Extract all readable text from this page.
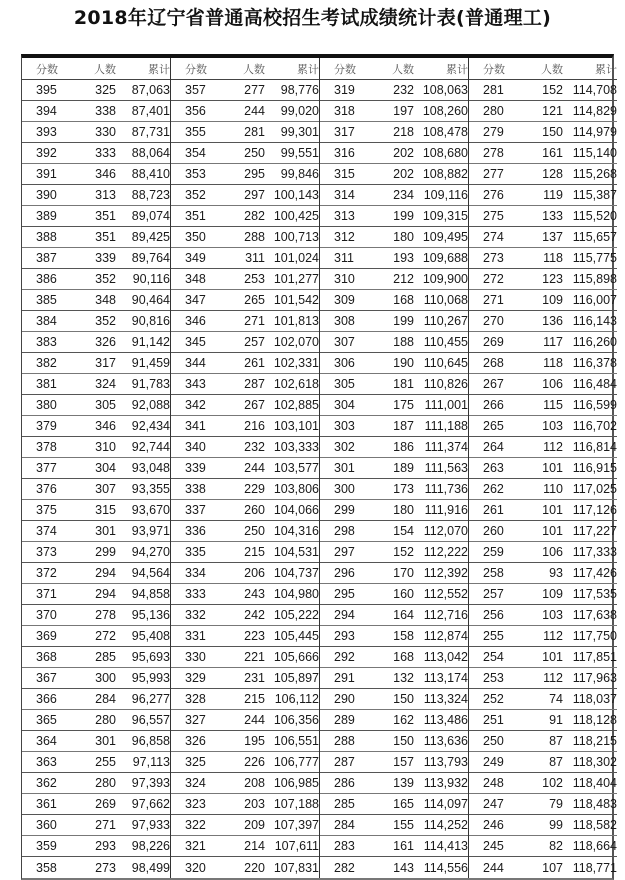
2018年辽宁省普通高校招生考试成绩统计表(普通理工)
分数	人数	累计
395	325	87,063
394	338	87,401
393	330	87,731
392	333	88,064
391	346	88,410
390	313	88,723
389	351	89,074
388	351	89,425
387	339	89,764
386	352	90,116
385	348	90,464
384	352	90,816
383	326	91,142
382	317	91,459
381	324	91,783
380	305	92,088
379	346	92,434
378	310	92,744
377	304	93,048
376	307	93,355
375	315	93,670
374	301	93,971
373	299	94,270
372	294	94,564
371	294	94,858
370	278	95,136
369	272	95,408
368	285	95,693
367	300	95,993
366	284	96,277
365	280	96,557
364	301	96,858
363	255	97,113
362	280	97,393
361	269	97,662
360	271	97,933
359	293	98,226
358	273	98,499
分数	人数	累计
357	277	98,776
356	244	99,020
355	281	99,301
354	250	99,551
353	295	99,846
352	297 100,143
351	282 100,425
350	288 100,713
349	311 101,024
348	253 101,277
347	265 101,542
346	271 101,813
345	257 102,070
344	261 102,331
343	287 102,618
342	267 102,885
341	216 103,101
340	232 103,333
339	244 103,577
338	229 103,806
337	260 104,066
336	250 104,316
335	215 104,531
334	206 104,737
333	243 104,980
332	242 105,222
331	223 105,445
330	221 105,666
329	231 105,897
328	215 106,112
327	244 106,356
326	195 106,551
325	226 106,777
324	208 106,985
323	203 107,188
322	209 107,397
321	214 107,611
320	220 107,831
分数	人数	累计
319	232 108,063
318	197 108,260
317	218 108,478
316	202 108,680
315	202 108,882
314	234 109,116
313	199 109,315
312	180 109,495
311	193 109,688
310	212 109,900
309	168 110,068
308	199 110,267
307	188 110,455
306	190 110,645
305	181 110,826
304	175 111,001
303	187 111,188
302	186 111,374
301	189 111,563
300	173 111,736
299	180 111,916
298	154 112,070
297	152 112,222
296	170 112,392
295	160 112,552
294	164 112,716
293	158 112,874
292	168 113,042
291	132 113,174
290	150 113,324
289	162 113,486
288	150 113,636
287	157 113,793
286	139 113,932
285	165 114,097
284	155 114,252
283	161 114,413
282	143 114,556
分数	人数	累计
281	152 114,708
280	121 114,829
279	150 114,979
278	161 115,140
277	128 115,268
276	119 115,387
275	133 115,520
274	137 115,657
273	118 115,775
272	123 115,898
271	109 116,007
270	136 116,143
269	117 116,260
268	118 116,378
267	106 116,484
266	115 116,599
265	103 116,702
264	112 116,814
263	101 116,915
262	110 117,025
261	101 117,126
260	101 117,227
259	106 117,333
258	93 117,426
257	109 117,535
256	103 117,638
255	112 117,750
254	101 117,851
253	112 117,963
252	74 118,037
251	91 118,128
250	87 118,215
249	87 118,302
248	102 118,404
247	79 118,483
246	99 118,582
245	82 118,664
244	107 118,771
